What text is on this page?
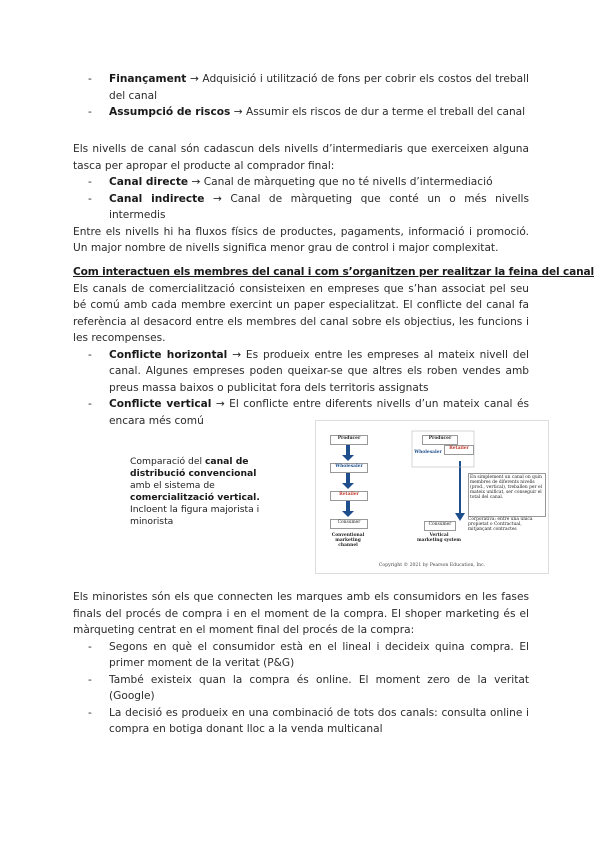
- Finançament → Adquisició i utilització de fons per cobrir els costos del treball del canal
- Assumpció de riscos → Assumir els riscos de dur a terme el treball del canal

Els nivells de canal són cadascun dels nivells d’intermediaris que exerceixen alguna tasca per apropar el producte al comprador final:

- Canal directe → Canal de màrqueting que no té nivells d’intermediació
- Canal indirecte → Canal de màrqueting que conté un o més nivells intermedis

Entre els nivells hi ha fluxos físics de productes, pagaments, informació i promoció. Un major nombre de nivells significa menor grau de control i major complexitat.

Com interactuen els membres del canal i com s’organitzen per realitzar la feina del canal

Els canals de comercialització consisteixen en empreses que s’han associat pel seu bé comú amb cada membre exercint un paper especialitzat. El conflicte del canal fa referència al desacord entre els membres del canal sobre els objectius, les funcions i les recompenses.

- Conflicte horizontal → Es produeix entre les empreses al mateix nivell del canal. Algunes empreses poden queixar-se que altres els roben vendes amb preus massa baixos o publicitat fora dels territoris assignats
- Conflicte vertical → El conflicte entre diferents nivells d’un mateix canal és encara més comú
Comparació del canal de distribució convencional amb el sistema de comercialització vertical.
Incloent la figura majorista i minorista
Producer
Wholesaler
Retailer
Consumer
Conventional marketing channel
Producer
Wholesaler
Retailer
Consumer
Vertical marketing system
En simplement un canal on quin membres de diferents nivells (prod., vertical), treballen per el mateix unificat, ser conseguir el total del canal.
Corporativa: entre una única propietat o Contractual, mitjançant contractes
Copyright © 2021 by Pearson Education, Inc.

Els minoristes són els que connecten les marques amb els consumidors en les fases finals del procés de compra i en el moment de la compra. El shoper marketing és el màrqueting centrat en el moment final del procés de la compra:

- Segons en què el consumidor està en el lineal i decideix quina compra. El primer moment de la veritat (P&G)
- També existeix quan la compra és online. El moment zero de la veritat (Google)
- La decisió es produeix en una combinació de tots dos canals: consulta online i compra en botiga donant lloc a la venda multicanal
